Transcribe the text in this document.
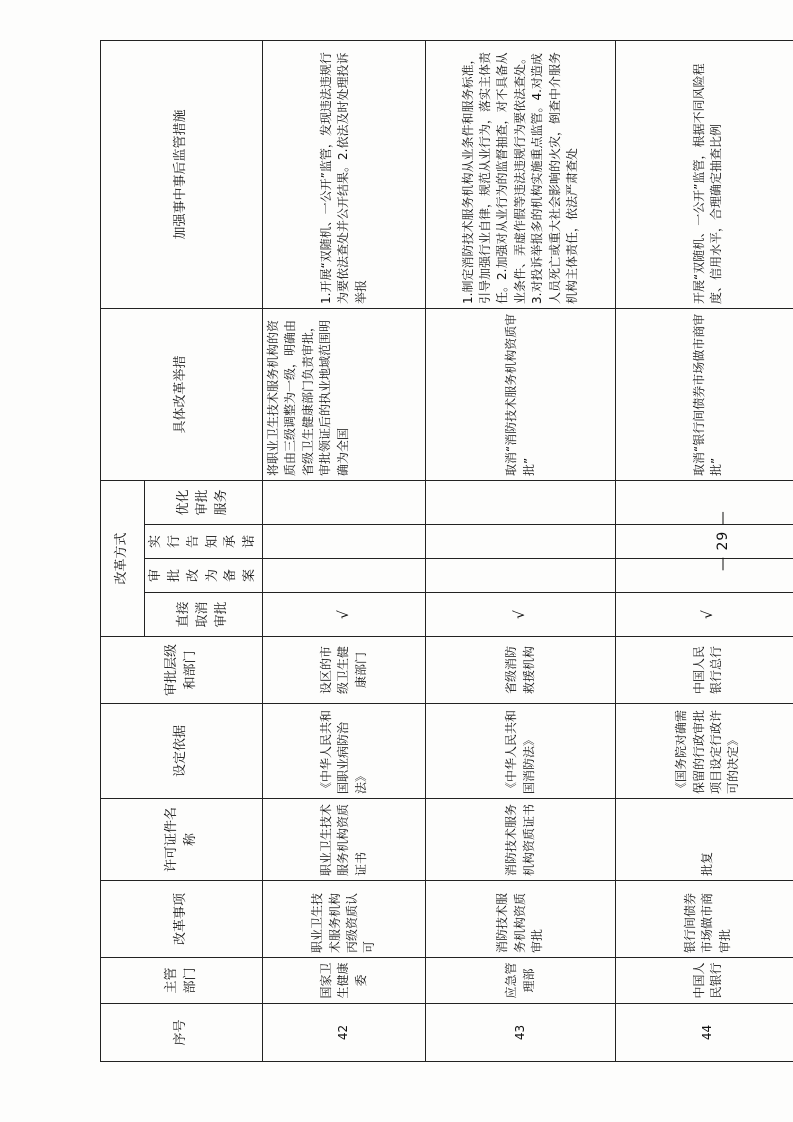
序号	主管部门	改革事项	许可证件名称	设定依据	审批层级和部门	改革方式				具体改革举措	加强事中事后监管措施
						直接取消审批	审批改为备案	实行告知承诺	优化审批服务		
42	国家卫生健康委	职业卫生技术服务机构丙级资质认可	职业卫生技术服务机构资质证书	《中华人民共和国职业病防治法》	设区的市级卫生健康部门	√				将职业卫生技术服务机构的资质由三级调整为一级，明确由省级卫生健康部门负责审批，审批领证后的执业地域范围明确为全国	1.开展“双随机、一公开”监管，发现违法违规行为要依法查处并公开结果。2.依法及时处理投诉举报
43	应急管理部	消防技术服务机构资质审批	消防技术服务机构资质证书	《中华人民共和国消防法》	省级消防救援机构	√				取消“消防技术服务机构资质审批”	1.制定消防技术服务机构从业条件和服务标准，引导加强行业自律，规范从业行为，落实主体责任。2.加强对从业行为的监督抽查，对不具备从业条件、弄虚作假等违法违规行为要依法查处。3.对投诉举报多的机构实施重点监管。4.对造成人员死亡或重大社会影响的火灾，倒查中介服务机构主体责任，依法严肃查处
44	中国人民银行	银行间债券市场做市商审批	批复	《国务院对确需保留的行政审批项目设定行政许可的决定》	中国人民银行总行	√				取消“银行间债券市场做市商审批”	开展“双随机、一公开”监管，根据不同风险程度、信用水平，合理确定抽查比例
— 29 —
